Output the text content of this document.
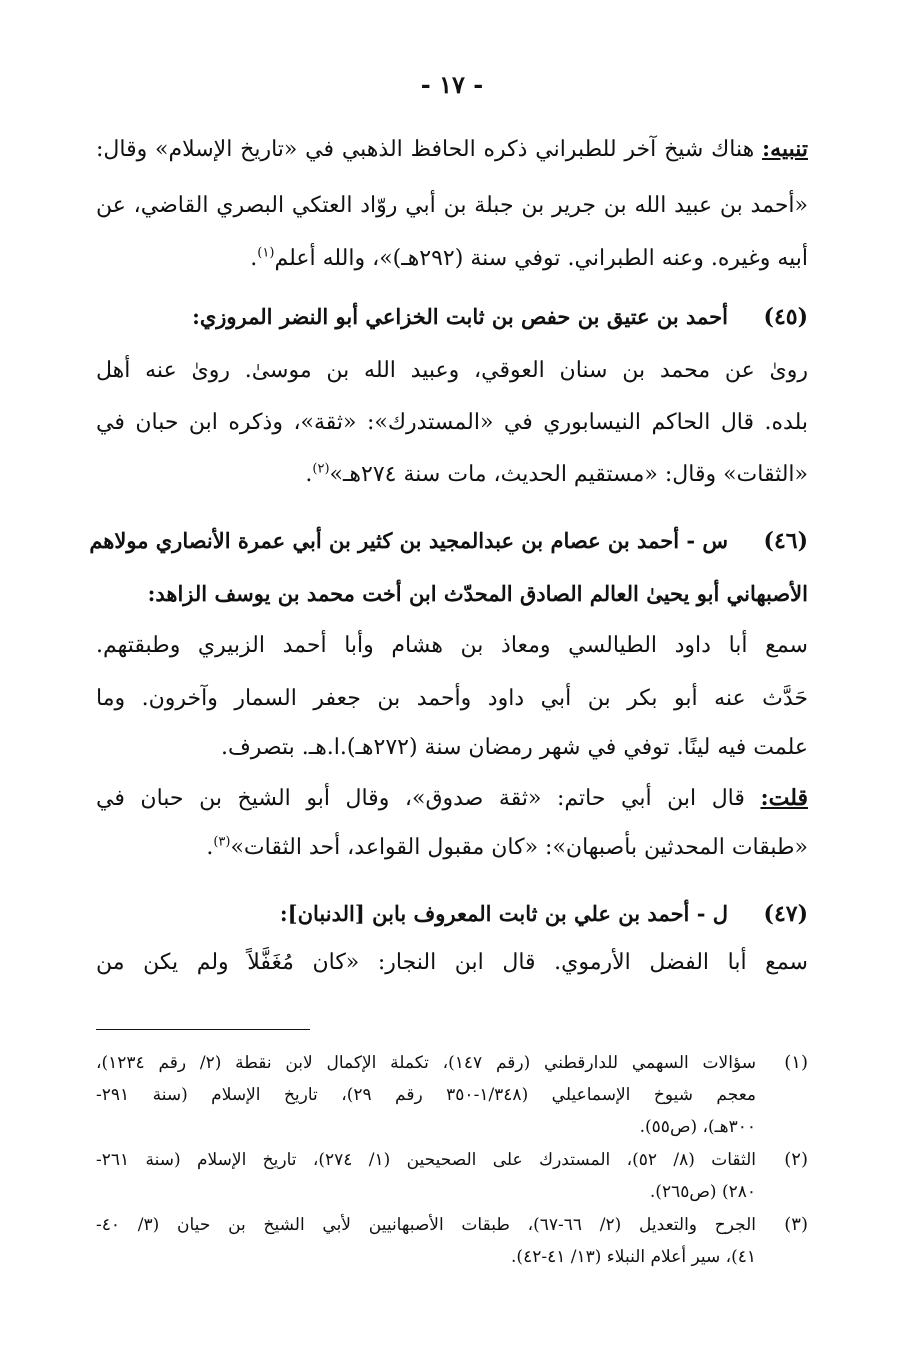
- ١٧ -
تنبيه: هناك شيخ آخر للطبراني ذكره الحافظ الذهبي في «تاريخ الإسلام» وقال:
«أحمد بن عبيد الله بن جرير بن جبلة بن أبي روّاد العتكي البصري القاضي، عن
أبيه وغيره. وعنه الطبراني. توفي سنة (٢٩٢هـ)»، والله أعلم$^{(١)}$.
(٤٥)
أحمد بن عتيق بن حفص بن ثابت الخزاعي أبو النضر المروزي:
روىٰ عن محمد بن سنان العوقي، وعبيد الله بن موسىٰ. روىٰ عنه أهل
بلده. قال الحاكم النيسابوري في «المستدرك»: «ثقة»، وذكره ابن حبان في
«الثقات» وقال: «مستقيم الحديث، مات سنة ٢٧٤هـ»$^{(٢)}$.
(٤٦)
س - أحمد بن عصام بن عبدالمجيد بن كثير بن أبي عمرة الأنصاري مولاهم
الأصبهاني أبو يحيىٰ العالم الصادق المحدّث ابن أخت محمد بن يوسف الزاهد:
سمع أبا داود الطيالسي ومعاذ بن هشام وأبا أحمد الزبيري وطبقتهم.
حَدَّث عنه أبو بكر بن أبي داود وأحمد بن جعفر السمار وآخرون. وما
علمت فيه لينًا. توفي في شهر رمضان سنة (٢٧٢هـ).ا.هـ. بتصرف.
قلت: قال ابن أبي حاتم: «ثقة صدوق»، وقال أبو الشيخ بن حبان في
«طبقات المحدثين بأصبهان»: «كان مقبول القواعد، أحد الثقات»$^{(٣)}$.
(٤٧)
ل - أحمد بن علي بن ثابت المعروف بابن [الدنبان]:
سمع أبا الفضل الأرموي. قال ابن النجار: «كان مُغَفَّلاً ولم يكن من
(١)
سؤالات السهمي للدارقطني (رقم ١٤٧)، تكملة الإكمال لابن نقطة (٢/ رقم ١٢٣٤)،
معجم شيوخ الإسماعيلي (١/٣٤٨-٣٥٠ رقم ٢٩)، تاريخ الإسلام (سنة ٢٩١-
٣٠٠هـ)، (ص٥٥).
(٢)
الثقات (٨/ ٥٢)، المستدرك على الصحيحين (١/ ٢٧٤)، تاريخ الإسلام (سنة ٢٦١-
٢٨٠) (ص٢٦٥).
(٣)
الجرح والتعديل (٢/ ٦٦-٦٧)، طبقات الأصبهانيين لأبي الشيخ بن حيان (٣/ ٤٠-
٤١)، سير أعلام النبلاء (١٣/ ٤١-٤٢).
